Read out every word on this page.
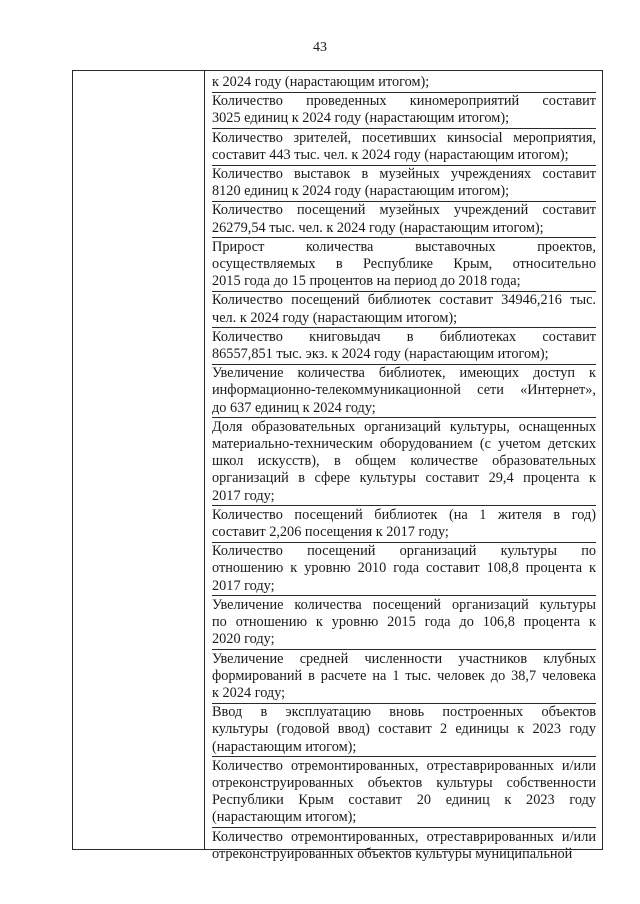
43
к 2024 году (нарастающим итогом);
Количество проведенных киномероприятий составит
3025 единиц к 2024 году (нарастающим итогом);
Количество зрителей, посетивших кинsocial мероприятия,
составит 443 тыс. чел. к 2024 году (нарастающим итогом);
Количество выставок в музейных учреждениях составит
8120 единиц к 2024 году (нарастающим итогом);
Количество посещений музейных учреждений составит
26279,54 тыс. чел. к 2024 году (нарастающим итогом);
Прирост количества выставочных проектов,
осуществляемых в Республике Крым, относительно
2015 года до 15 процентов на период до 2018 года;
Количество посещений библиотек составит 34946,216 тыс.
чел. к 2024 году (нарастающим итогом);
Количество книговыдач в библиотеках составит
86557,851 тыс. экз. к 2024 году (нарастающим итогом);
Увеличение количества библиотек, имеющих доступ к
информационно-телекоммуникационной сети «Интернет»,
до 637 единиц к 2024 году;
Доля образовательных организаций культуры, оснащенных
материально-техническим оборудованием (с учетом детских
школ искусств), в общем количестве образовательных
организаций в сфере культуры составит 29,4 процента к
2017 году;
Количество посещений библиотек (на 1 жителя в год)
составит 2,206 посещения к 2017 году;
Количество посещений организаций культуры по
отношению к уровню 2010 года составит 108,8 процента к
2017 году;
Увеличение количества посещений организаций культуры
по отношению к уровню 2015 года до 106,8 процента к
2020 году;
Увеличение средней численности участников клубных
формирований в расчете на 1 тыс. человек до 38,7 человека
к 2024 году;
Ввод в эксплуатацию вновь построенных объектов
культуры (годовой ввод) составит 2 единицы к 2023 году
(нарастающим итогом);
Количество отремонтированных, отреставрированных и/или
отреконструированных объектов культуры собственности
Республики Крым составит 20 единиц к 2023 году
(нарастающим итогом);
Количество отремонтированных, отреставрированных и/или
отреконструированных объектов культуры муниципальной
